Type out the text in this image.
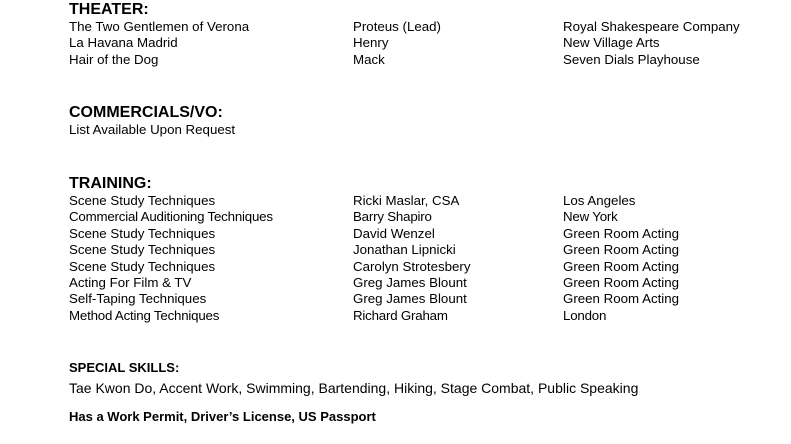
THEATER:
The Two Gentlemen of Verona	Proteus (Lead)	Royal Shakespeare Company
La Havana Madrid	Henry	New Village Arts
Hair of the Dog	Mack	Seven Dials Playhouse
COMMERCIALS/VO:
List Available Upon Request
TRAINING:
Scene Study Techniques	Ricki Maslar, CSA	Los Angeles
Commercial Auditioning Techniques	Barry Shapiro	New York
Scene Study Techniques	David Wenzel	Green Room Acting
Scene Study Techniques	Jonathan Lipnicki	Green Room Acting
Scene Study Techniques	Carolyn Strotesbery	Green Room Acting
Acting For Film & TV	Greg James Blount	Green Room Acting
Self-Taping Techniques	Greg James Blount	Green Room Acting
Method Acting Techniques	Richard Graham	London
SPECIAL SKILLS:
Tae Kwon Do, Accent Work, Swimming, Bartending, Hiking, Stage Combat, Public Speaking
Has a Work Permit, Driver’s License, US Passport
